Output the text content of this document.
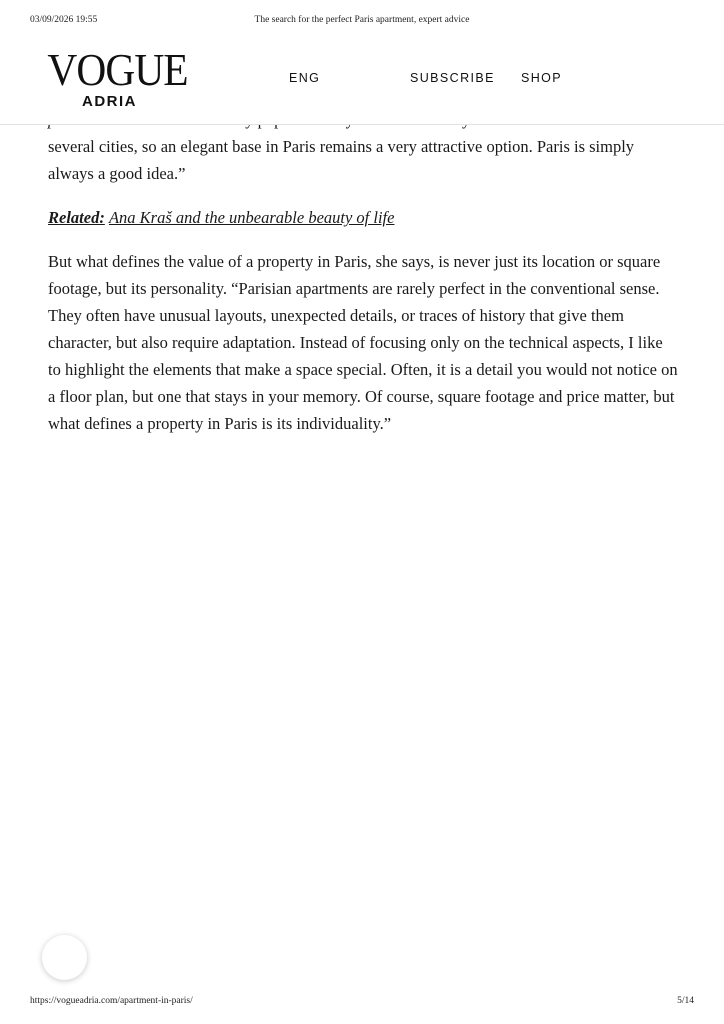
03/09/2026 19:55	The search for the perfect Paris apartment, expert advice
VOGUE
ADRIA
ENG	SUBSCRIBE SHOP

several cities, so an elegant base in Paris remains a very attractive option. Paris is simply always a good idea.”

Related: Ana Kraš and the unbearable beauty of life

But what defines the value of a property in Paris, she says, is never just its location or square footage, but its personality. “Parisian apartments are rarely perfect in the conventional sense. They often have unusual layouts, unexpected details, or traces of history that give them character, but also require adaptation. Instead of focusing only on the technical aspects, I like to highlight the elements that make a space special. Often, it is a detail you would not notice on a floor plan, but one that stays in your memory. Of course, square footage and price matter, but what defines a property in Paris is its individuality.”

https://vogueadria.com/apartment-in-paris/	5/14
